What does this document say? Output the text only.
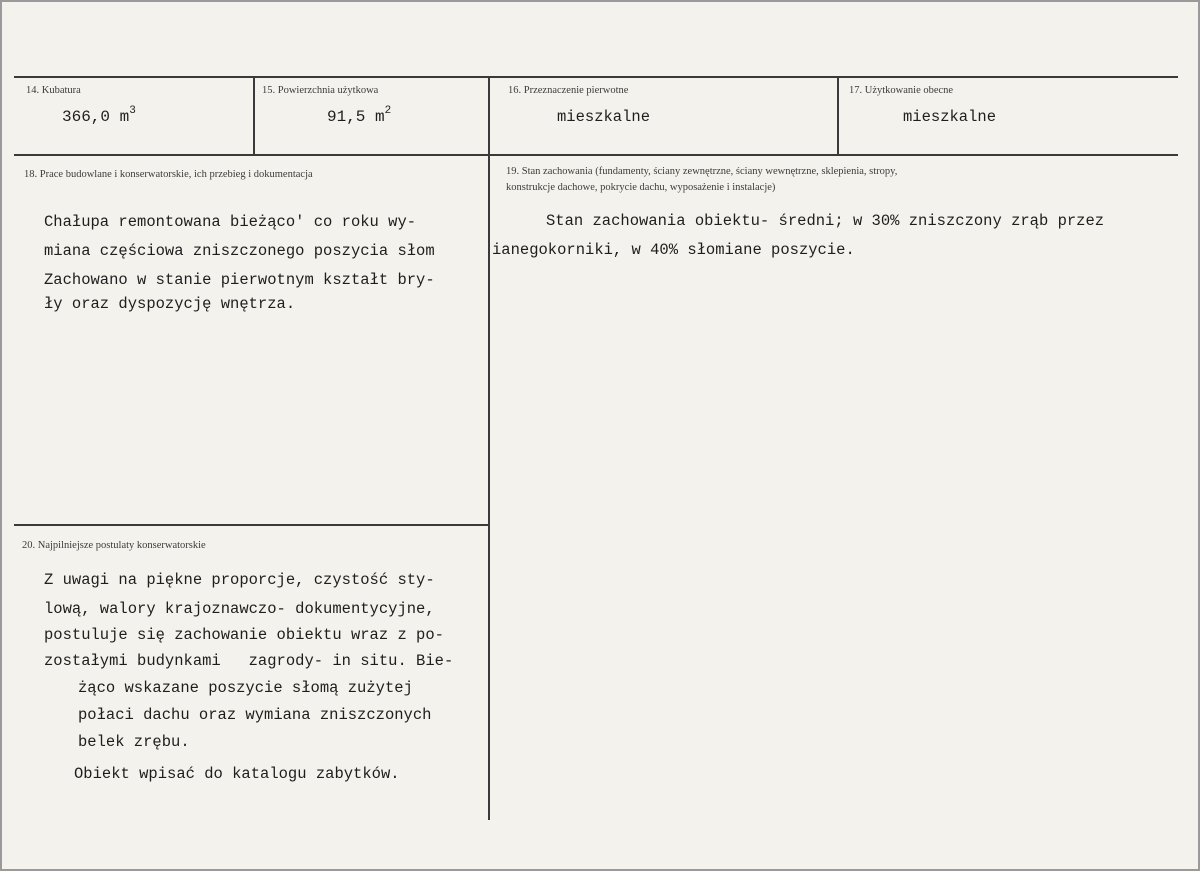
14. Kubatura
366,0 $m^3$
15. Powierzchnia użytkowa
91,5 $m^2$
16. Przeznaczenie pierwotne
mieszkalne
17. Użytkowanie obecne
mieszkalne
18. Prace budowlane i konserwatorskie, ich przebieg i dokumentacja
Chałupa remontowana bieżąco' co roku wy-
miana częściowa zniszczonego poszycia słom
Zachowano w stanie pierwotnym kształt bry-
ły oraz dyspozycję wnętrza.
19. Stan zachowania (fundamenty, ściany zewnętrzne, ściany wewnętrzne, sklepienia, stropy,
konstrukcje dachowe, pokrycie dachu, wyposażenie i instalacje)
Stan zachowania obiektu- średni; w 30% zniszczony zrąb przez
ianegokorniki, w 40% słomiane poszycie.
20. Najpilniejsze postulaty konserwatorskie
Z uwagi na piękne proporcje, czystość sty-
lową, walory krajoznawczo- dokumentycyjne,
postuluje się zachowanie obiektu wraz z po-
zostałymi budynkami   zagrody- in situ. Bie-
żąco wskazane poszycie słomą zużytej
połaci dachu oraz wymiana zniszczonych
belek zrębu.
Obiekt wpisać do katalogu zabytków.
